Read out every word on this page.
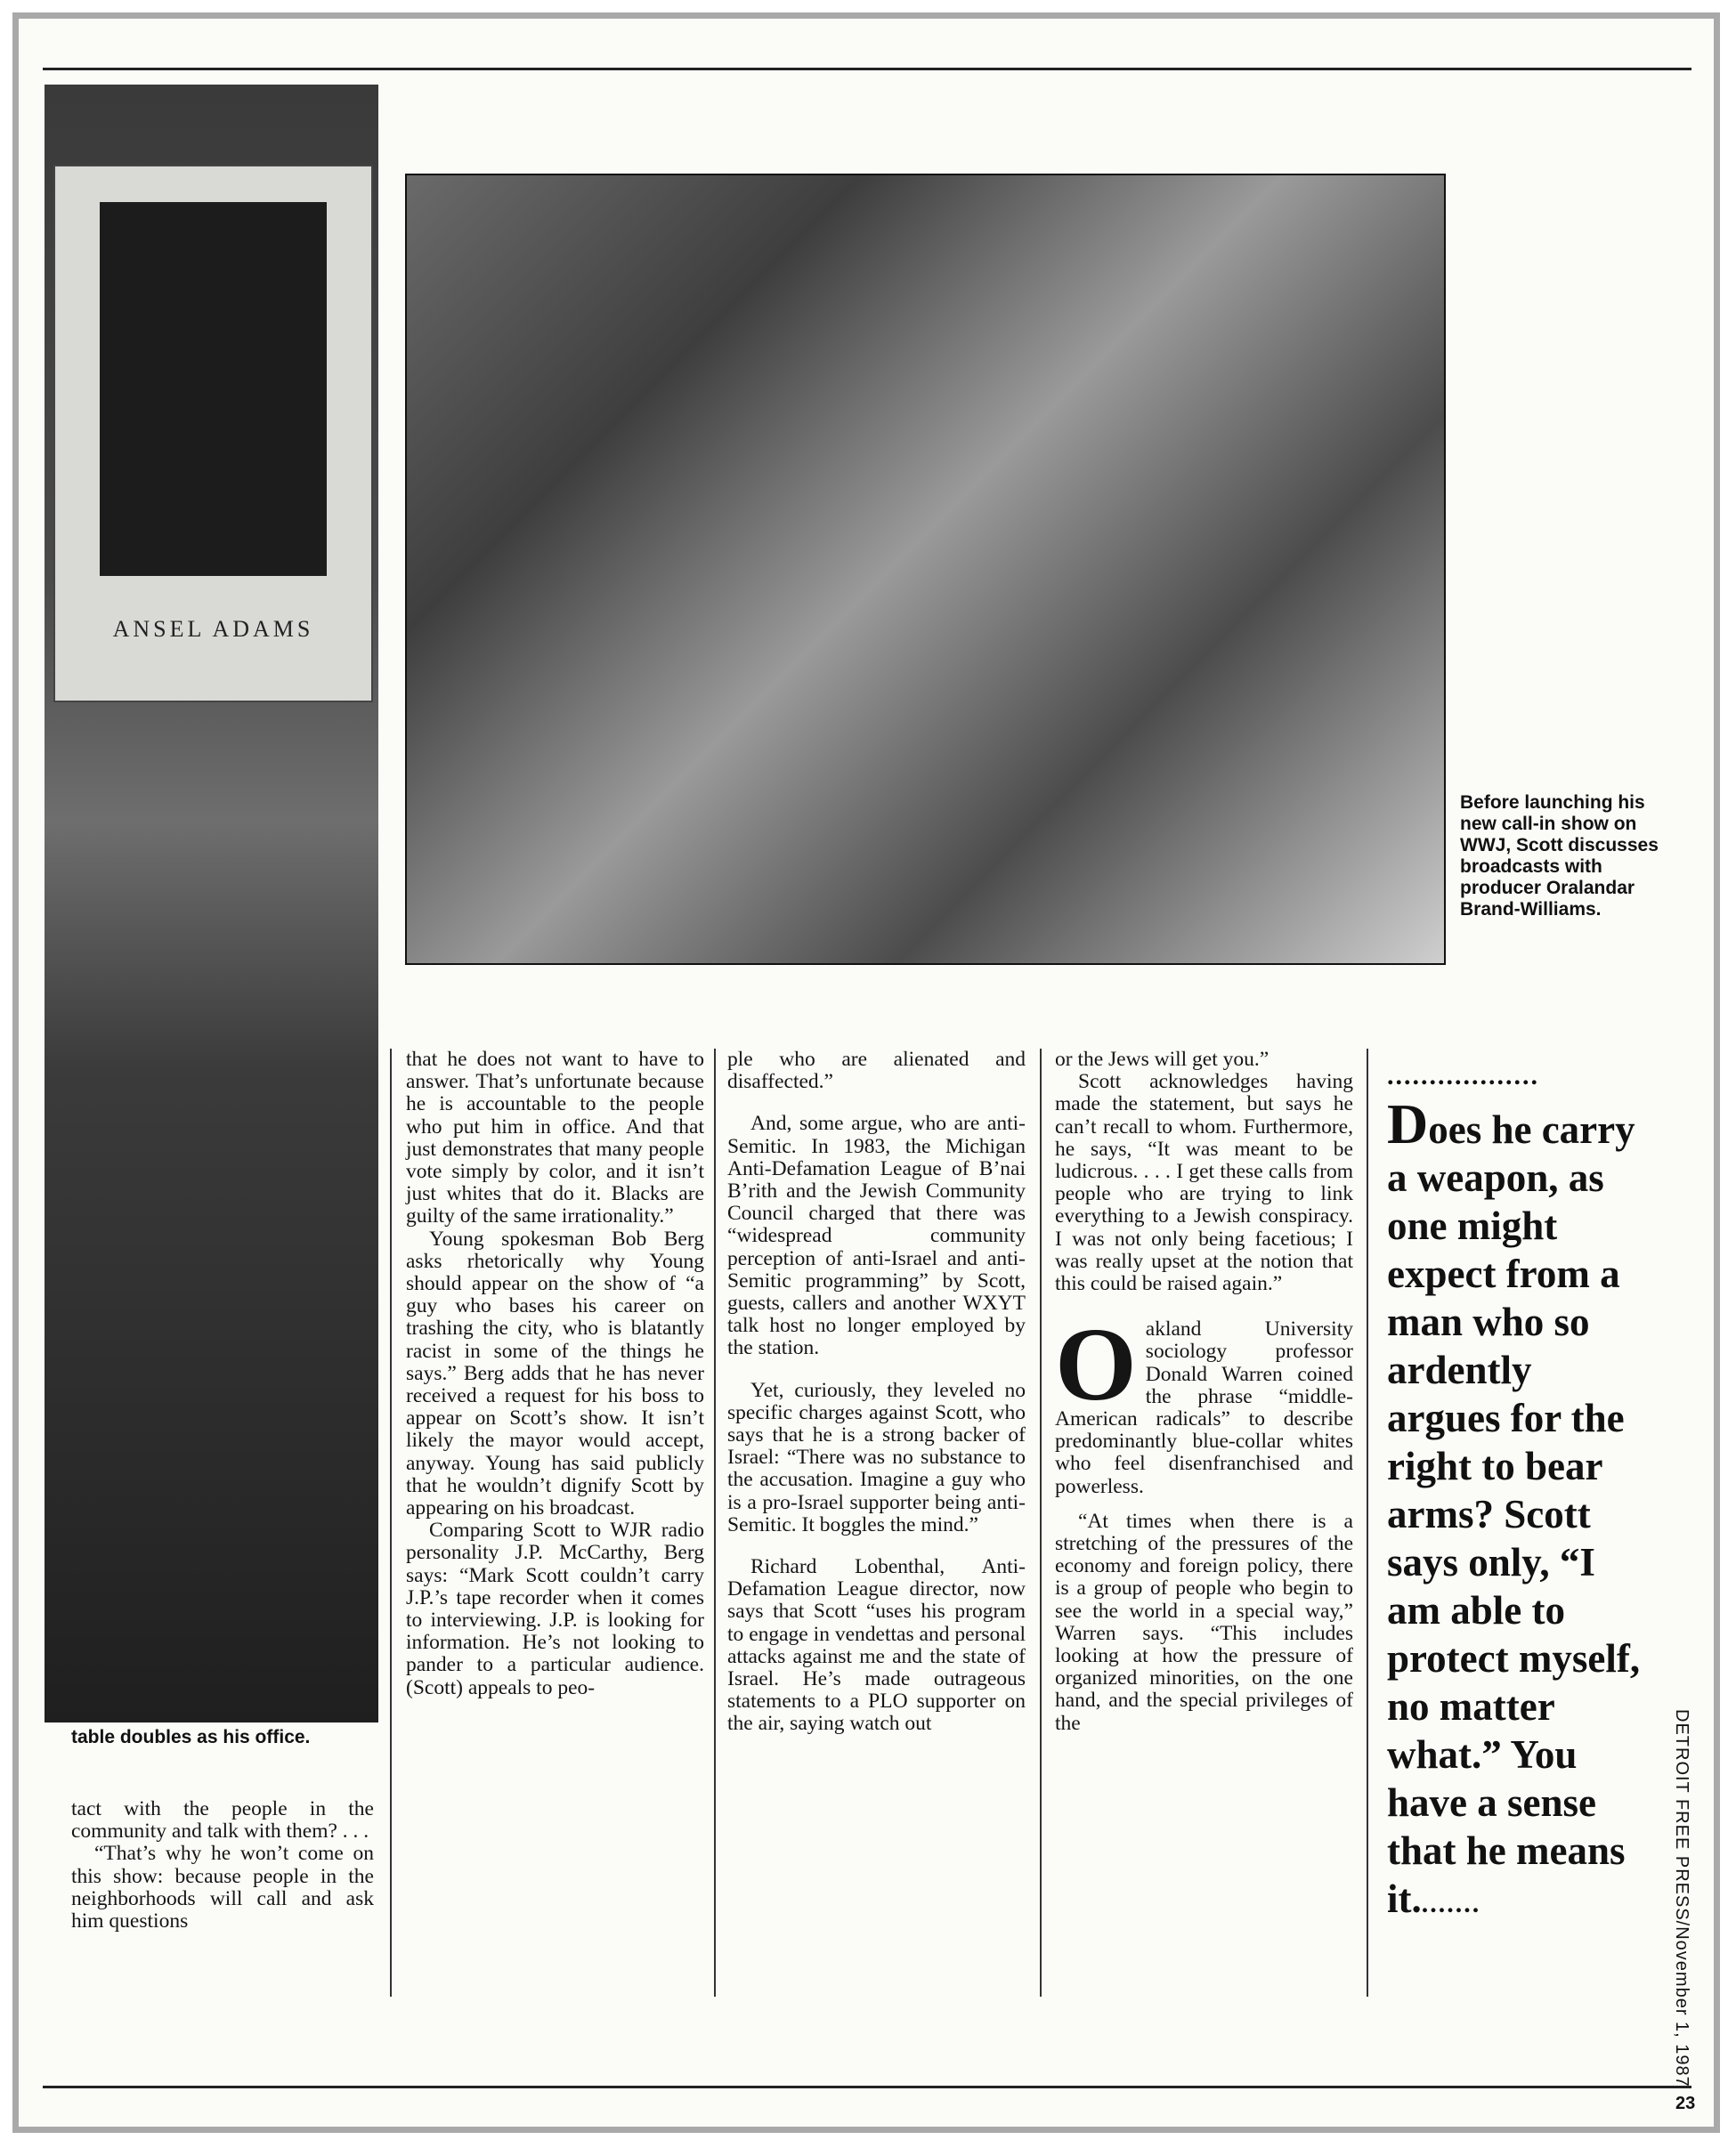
ANSEL ADAMS
Before launching his new call-in show on WWJ, Scott discusses broadcasts with producer Oralandar Brand-Williams.
table doubles as his office.

tact with the people in the community and talk with them? . . .

“That’s why he won’t come on this show: because people in the neighborhoods will call and ask him questions

that he does not want to have to answer. That’s unfortunate because he is accountable to the people who put him in office. And that just demonstrates that many people vote simply by color, and it isn’t just whites that do it. Blacks are guilty of the same irrationality.”

Young spokesman Bob Berg asks rhetorically why Young should appear on the show of “a guy who bases his career on trashing the city, who is blatantly racist in some of the things he says.” Berg adds that he has never received a request for his boss to appear on Scott’s show. It isn’t likely the mayor would accept, anyway. Young has said publicly that he wouldn’t dignify Scott by appearing on his broadcast.

Comparing Scott to WJR radio personality J.P. McCarthy, Berg says: “Mark Scott couldn’t carry J.P.’s tape recorder when it comes to interviewing. J.P. is looking for information. He’s not looking to pander to a particular audience. (Scott) appeals to peo-

ple who are alienated and disaffected.”

And, some argue, who are anti-Semitic. In 1983, the Michigan Anti-Defamation League of B’nai B’rith and the Jewish Community Council charged that there was “widespread community perception of anti-Israel and anti-Semitic programming” by Scott, guests, callers and another WXYT talk host no longer employed by the station.

Yet, curiously, they leveled no specific charges against Scott, who says that he is a strong backer of Israel: “There was no substance to the accusation. Imagine a guy who is a pro-Israel supporter being anti-Semitic. It boggles the mind.”

Richard Lobenthal, Anti-Defamation League director, now says that Scott “uses his program to engage in vendettas and personal attacks against me and the state of Israel. He’s made outrageous statements to a PLO supporter on the air, saying watch out

or the Jews will get you.”

Scott acknowledges having made the statement, but says he can’t recall to whom. Furthermore, he says, “It was meant to be ludicrous. . . . I get these calls from people who are trying to link everything to a Jewish conspiracy. I was not only being facetious; I was really upset at the notion that this could be raised again.”

O akland University sociology professor Donald Warren coined the phrase “middle-American radicals” to describe predominantly blue-collar whites who feel disenfranchised and powerless.

“At times when there is a stretching of the pressures of the economy and foreign policy, there is a group of people who begin to see the world in a special way,” Warren says. “This includes looking at how the pressure of organized minorities, on the one hand, and the special privileges of the

..................
Does he carry a weapon, as one might expect from a man who so ardently argues for the right to bear arms? Scott says only, “I am able to protect myself, no matter what.” You have a sense that he means it........	DETROIT FREE PRESS/November 1, 1987
23
